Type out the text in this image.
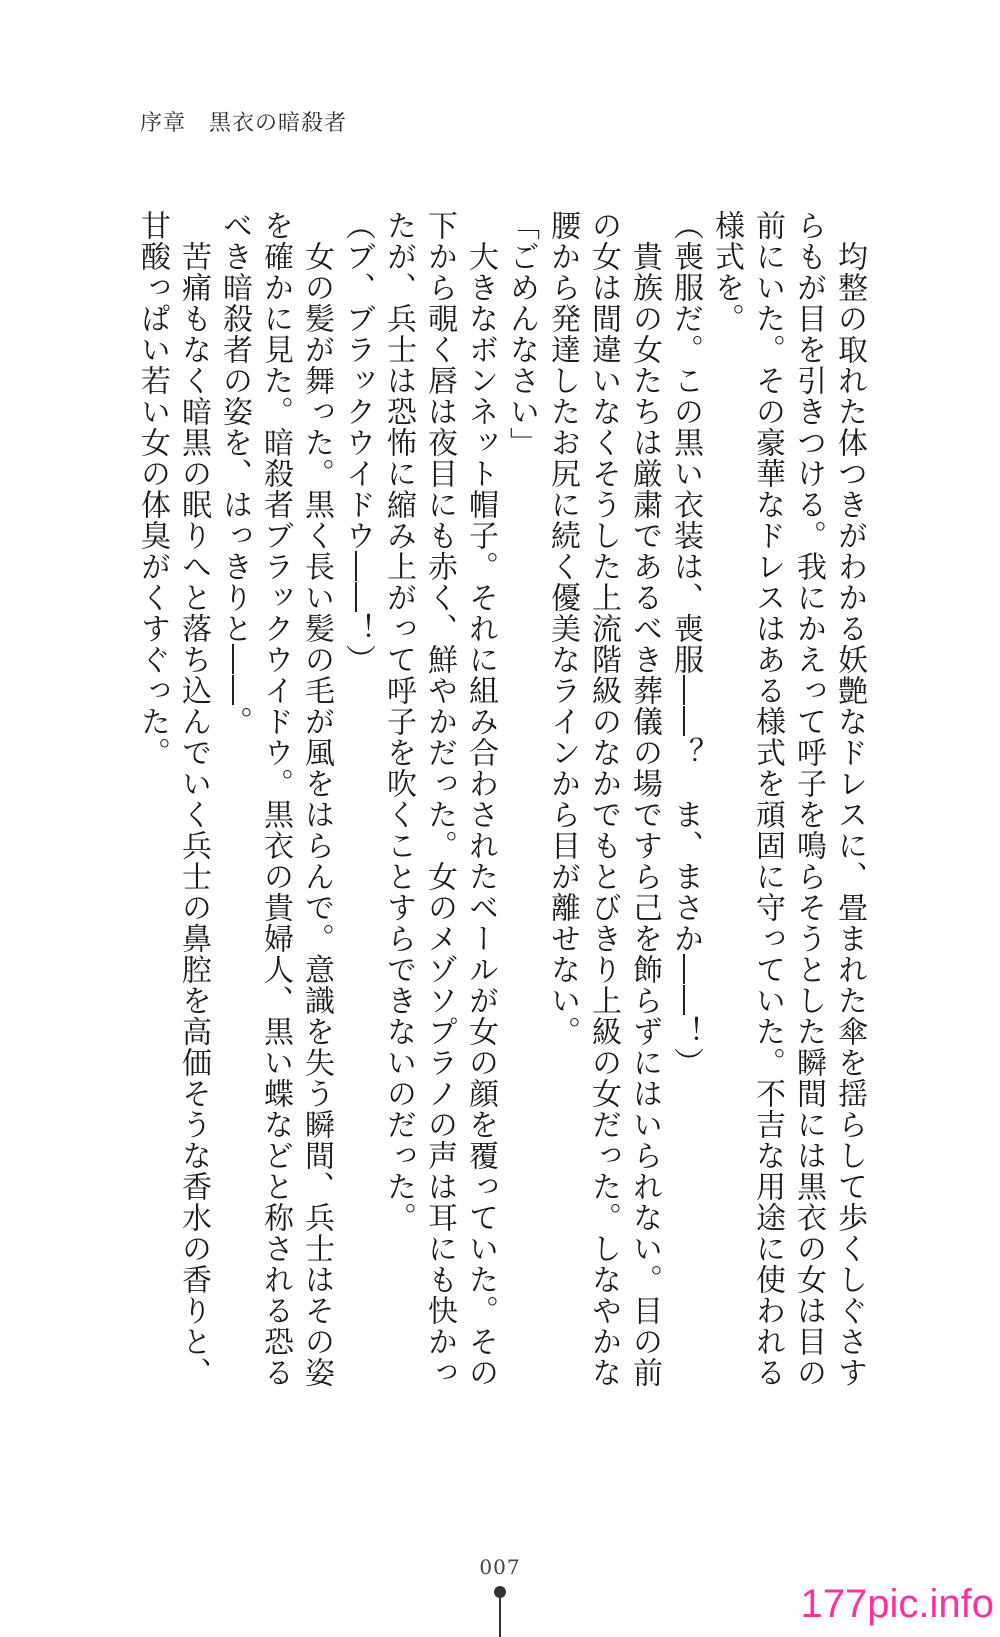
序章　黒衣の暗殺者

　均整の取れた体つきがわかる妖艶なドレスに、畳まれた傘を揺らして歩くしぐさすらもが目を引きつける。我にかえって呼子を鳴らそうとした瞬間には黒衣の女は目の前にいた。その豪華なドレスはある様式を頑固に守っていた。不吉な用途に使われる様式を。

（喪服だ。この黒い衣装は、喪服――？　ま、まさか――！）

　貴族の女たちは厳粛であるべき葬儀の場ですら己を飾らずにはいられない。目の前の女は間違いなくそうした上流階級のなかでもとびきり上級の女だった。しなやかな腰から発達したお尻に続く優美なラインから目が離せない。

「ごめんなさい」

　大きなボンネット帽子。それに組み合わされたベールが女の顔を覆っていた。その下から覗く唇は夜目にも赤く、鮮やかだった。女のメゾソプラノの声は耳にも快かったが、兵士は恐怖に縮み上がって呼子を吹くことすらできないのだった。

（ブ、ブラックウイドウ――！）

　女の髪が舞った。黒く長い髪の毛が風をはらんで。意識を失う瞬間、兵士はその姿を確かに見た。暗殺者ブラックウイドウ。黒衣の貴婦人、黒い蝶などと称される恐るべき暗殺者の姿を、はっきりと――。

　苦痛もなく暗黒の眠りへと落ち込んでいく兵士の鼻腔を高価そうな香水の香りと、甘酸っぱい若い女の体臭がくすぐった。

007
177pic.info
